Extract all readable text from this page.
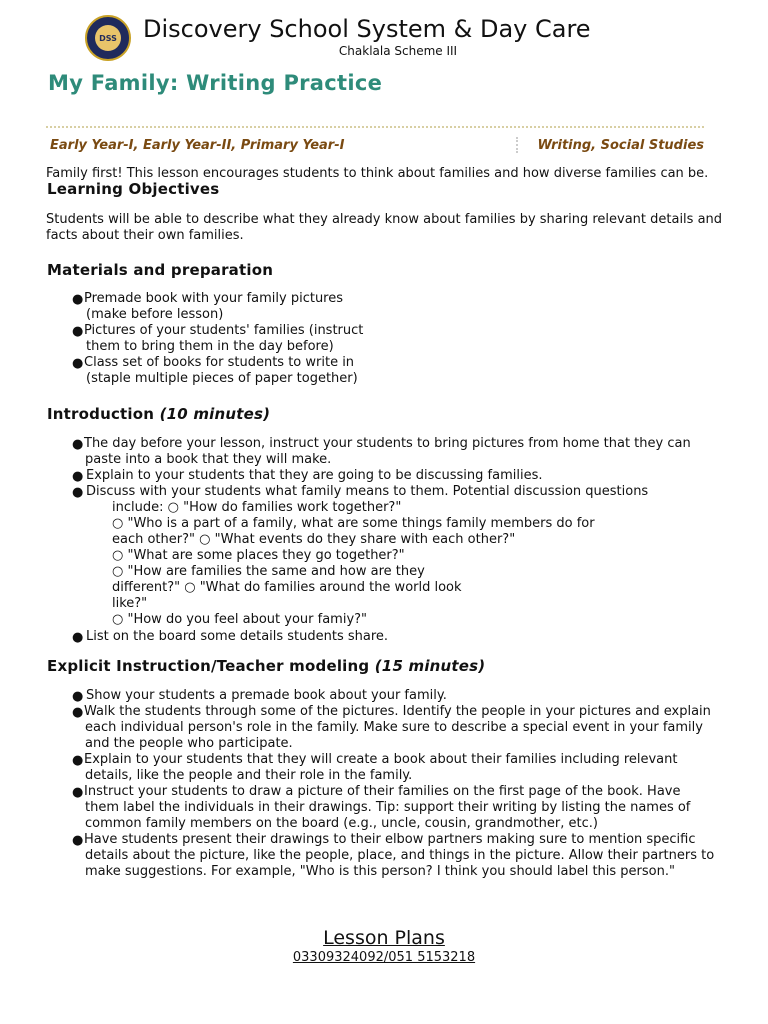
DSS Discovery School System & Day Care
Chaklala Scheme III
My Family: Writing Practice
Early Year-I, Early Year-II, Primary Year-I	Writing, Social Studies
Family first! This lesson encourages students to think about families and how diverse families can be.
Learning Objectives
Students will be able to describe what they already know about families by sharing relevant details and
facts about their own families.
Materials and preparation
● Premade book with your family pictures
(make before lesson)
● Pictures of your students' families (instruct
them to bring them in the day before)
● Class set of books for students to write in
(staple multiple pieces of paper together)
Introduction (10 minutes)
● The day before your lesson, instruct your students to bring pictures from home that they can
paste into a book that they will make.
● Explain to your students that they are going to be discussing families.
● Discuss with your students what family means to them. Potential discussion questions
include: ○ "How do families work together?"
○ "Who is a part of a family, what are some things family members do for
each other?" ○ "What events do they share with each other?"
○ "What are some places they go together?"
○ "How are families the same and how are they
different?" ○ "What do families around the world look
like?"
○ "How do you feel about your famiy?"
● List on the board some details students share.
Explicit Instruction/Teacher modeling (15 minutes)
● Show your students a premade book about your family.
● Walk the students through some of the pictures. Identify the people in your pictures and explain
each individual person's role in the family. Make sure to describe a special event in your family
and the people who participate.
● Explain to your students that they will create a book about their families including relevant
details, like the people and their role in the family.
● Instruct your students to draw a picture of their families on the first page of the book. Have
them label the individuals in their drawings. Tip: support their writing by listing the names of
common family members on the board (e.g., uncle, cousin, grandmother, etc.)
● Have students present their drawings to their elbow partners making sure to mention specific
details about the picture, like the people, place, and things in the picture. Allow their partners to
make suggestions. For example, "Who is this person? I think you should label this person."
Lesson Plans
03309324092/051 5153218
